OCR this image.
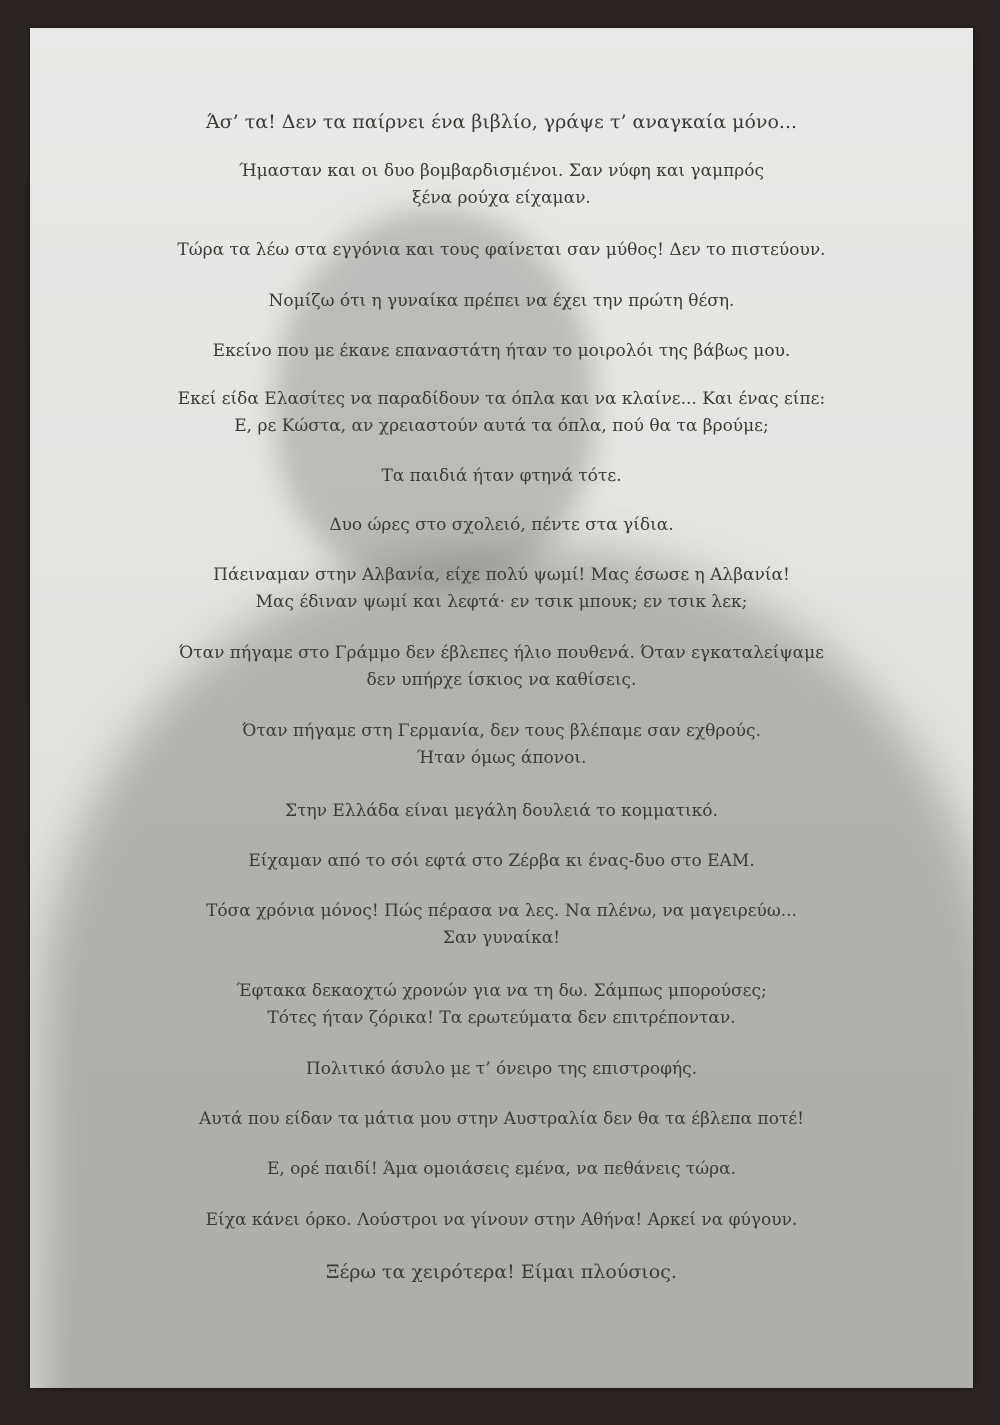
Άσ’ τα! Δεν τα παίρνει ένα βιβλίο, γράψε τ’ αναγκαία μόνο...
Ήμασταν και οι δυο βομβαρδισμένοι. Σαν νύφη και γαμπρός
ξένα ρούχα είχαμαν.
Τώρα τα λέω στα εγγόνια και τους φαίνεται σαν μύθος! Δεν το πιστεύουν.
Νομίζω ότι η γυναίκα πρέπει να έχει την πρώτη θέση.
Εκείνο που με έκανε επαναστάτη ήταν το μοιρολόι της βάβως μου.
Εκεί είδα Ελασίτες να παραδίδουν τα όπλα και να κλαίνε... Και ένας είπε:
Ε, ρε Κώστα, αν χρειαστούν αυτά τα όπλα, πού θα τα βρούμε;
Τα παιδιά ήταν φτηνά τότε.
Δυο ώρες στο σχολειό, πέντε στα γίδια.
Πάειναμαν στην Αλβανία, είχε πολύ ψωμί! Μας έσωσε η Αλβανία!
Μας έδιναν ψωμί και λεφτά· εν τσικ μπουκ; εν τσικ λεκ;
Όταν πήγαμε στο Γράμμο δεν έβλεπες ήλιο πουθενά. Όταν εγκαταλείψαμε
δεν υπήρχε ίσκιος να καθίσεις.
Όταν πήγαμε στη Γερμανία, δεν τους βλέπαμε σαν εχθρούς.
Ήταν όμως άπονοι.
Στην Ελλάδα είναι μεγάλη δουλειά το κομματικό.
Είχαμαν από το σόι εφτά στο Ζέρβα κι ένας-δυο στο ΕΑΜ.
Τόσα χρόνια μόνος! Πώς πέρασα να λες. Να πλένω, να μαγειρεύω...
Σαν γυναίκα!
Έφτακα δεκαοχτώ χρονών για να τη δω. Σάμπως μπορούσες;
Τότες ήταν ζόρικα! Τα ερωτεύματα δεν επιτρέπονταν.
Πολιτικό άσυλο με τ’ όνειρο της επιστροφής.
Αυτά που είδαν τα μάτια μου στην Αυστραλία δεν θα τα έβλεπα ποτέ!
Ε, ορέ παιδί! Άμα ομοιάσεις εμένα, να πεθάνεις τώρα.
Είχα κάνει όρκο. Λούστροι να γίνουν στην Αθήνα! Αρκεί να φύγουν.
Ξέρω τα χειρότερα! Είμαι πλούσιος.
